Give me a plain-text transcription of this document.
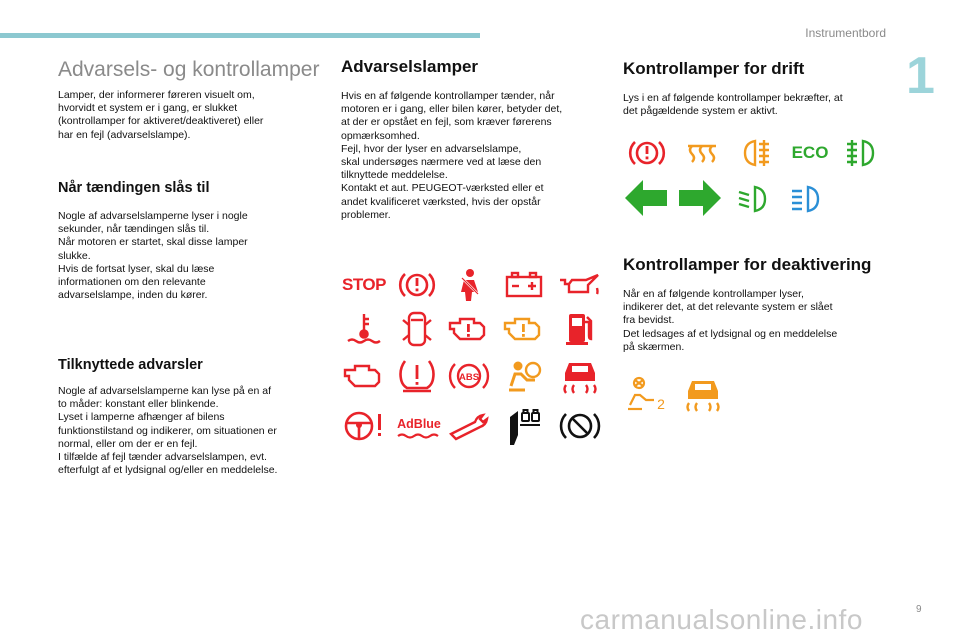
Instrumentbord
1
Advarsels- og kontrollamper
Lamper, der informerer føreren visuelt om,
hvorvidt et system er i gang, er slukket
(kontrollamper for aktiveret/deaktiveret) eller
har en fejl (advarselslampe).
Når tændingen slås til
Nogle af advarselslamperne lyser i nogle
sekunder, når tændingen slås til.
Når motoren er startet, skal disse lamper
slukke.
Hvis de fortsat lyser, skal du læse
informationen om den relevante
advarselslampe, inden du kører.
Tilknyttede advarsler
Nogle af advarselslamperne kan lyse på en af
to måder: konstant eller blinkende.
Lyset i lamperne afhænger af bilens
funktionstilstand og indikerer, om situationen er
normal, eller om der er en fejl.
I tilfælde af fejl tænder advarselslampen, evt.
efterfulgt af et lydsignal og/eller en meddelelse.
Advarselslamper
Hvis en af følgende kontrollamper tænder, når
motoren er i gang, eller bilen kører, betyder det,
at der er opstået en fejl, som kræver førerens
opmærksomhed.
Fejl, hvor der lyser en advarselslampe,
skal undersøges nærmere ved at læse den
tilknyttede meddelelse.
Kontakt et aut. PEUGEOT-værksted eller et
andet kvalificeret værksted, hvis der opstår
problemer.
STOP
ABS
AdBlue
Kontrollamper for drift
Lys i en af følgende kontrollamper bekræfter, at
det pågældende system er aktivt.
Kontrollamper for deaktivering
Når en af følgende kontrollamper lyser,
indikerer det, at det relevante system er slået
fra bevidst.
Det ledsages af et lydsignal og en meddelelse
på skærmen.
ECO
2
carmanualsonline.info	9
